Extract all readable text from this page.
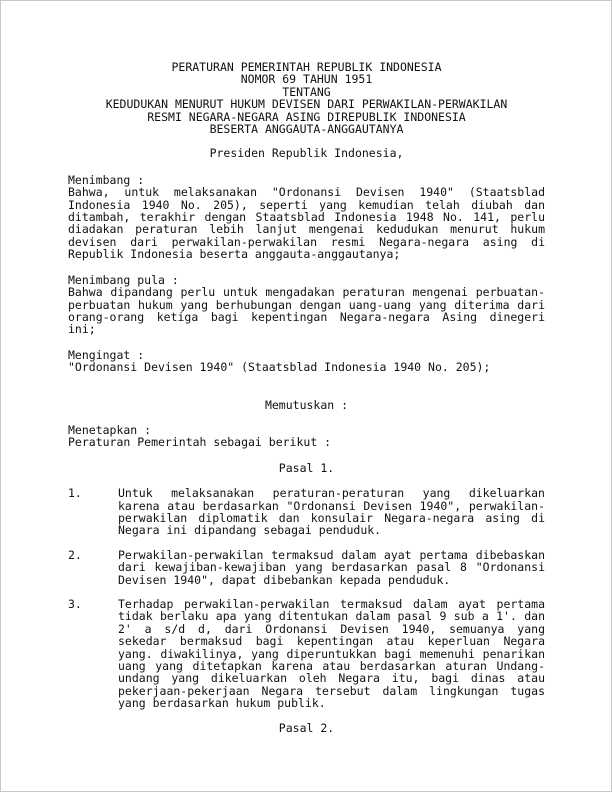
PERATURAN PEMERINTAH REPUBLIK INDONESIA
NOMOR 69 TAHUN 1951
TENTANG
KEDUDUKAN MENURUT HUKUM DEVISEN DARI PERWAKILAN-PERWAKILAN
RESMI NEGARA-NEGARA ASING DIREPUBLIK INDONESIA
BESERTA ANGGAUTA-ANGGAUTANYA
Presiden Republik Indonesia,
Menimbang :
Bahwa, untuk melaksanakan "Ordonansi Devisen 1940" (Staatsblad Indonesia 1940 No. 205), seperti yang kemudian telah diubah dan ditambah, terakhir dengan Staatsblad Indonesia 1948 No. 141, perlu diadakan peraturan lebih lanjut mengenai kedudukan menurut hukum devisen dari perwakilan-perwakilan resmi Negara-negara asing di Republik Indonesia beserta anggauta-anggautanya;
Menimbang pula :
Bahwa dipandang perlu untuk mengadakan peraturan mengenai perbuatan-perbuatan hukum yang berhubungan dengan uang-uang yang diterima dari orang-orang ketiga bagi kepentingan Negara-negara Asing dinegeri ini;
Mengingat :
"Ordonansi Devisen 1940" (Staatsblad Indonesia 1940 No. 205);
Memutuskan :
Menetapkan :
Peraturan Pemerintah sebagai berikut :
Pasal 1.
1.	Untuk melaksanakan peraturan-peraturan yang dikeluarkan karena atau berdasarkan "Ordonansi Devisen 1940", perwakilan-perwakilan diplomatik dan konsulair Negara-negara asing di Negara ini dipandang sebagai penduduk.
2.	Perwakilan-perwakilan termaksud dalam ayat pertama dibebaskan dari kewajiban-kewajiban yang berdasarkan pasal 8 "Ordonansi Devisen 1940", dapat dibebankan kepada penduduk.
3.	Terhadap perwakilan-perwakilan termaksud dalam ayat pertama tidak berlaku apa yang ditentukan dalam pasal 9 sub a 1'. dan 2' a s/d d, dari Ordonansi Devisen 1940, semuanya yang sekedar bermaksud bagi kepentingan atau keperluan Negara yang. diwakilinya, yang diperuntukkan bagi memenuhi penarikan uang yang ditetapkan karena atau berdasarkan aturan Undang-undang yang dikeluarkan oleh Negara itu, bagi dinas atau pekerjaan-pekerjaan Negara tersebut dalam lingkungan tugas yang berdasarkan hukum publik.
Pasal 2.
